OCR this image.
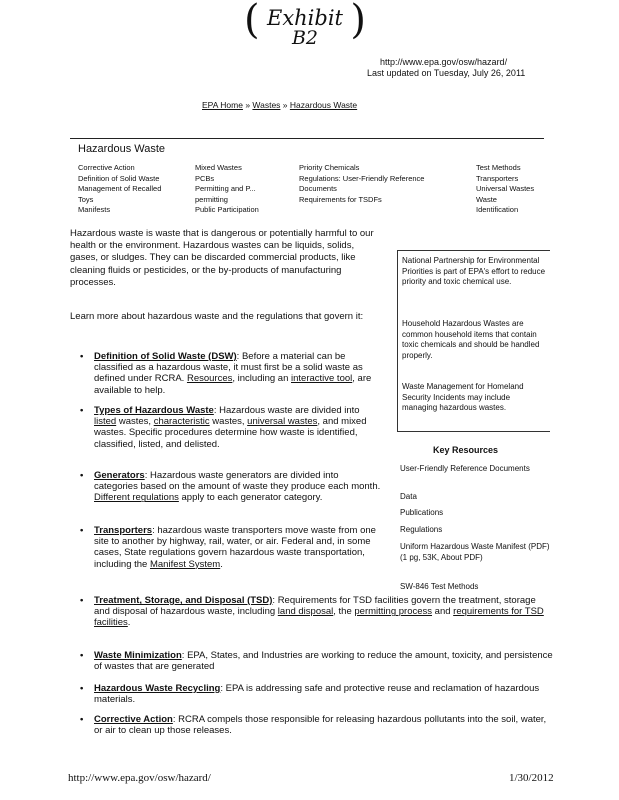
( Exhibit
B2 )
http://www.epa.gov/osw/hazard/
Last updated on Tuesday, July 26, 2011
EPA Home » Wastes » Hazardous Waste
Hazardous Waste
Corrective Action
Definition of Solid Waste
Management of Recalled
Toys
Manifests
Mixed Wastes
PCBs
Permitting and P...
permitting
Public Participation
Priority Chemicals
Regulations: User-Friendly Reference
Documents
Requirements for TSDFs
Test Methods
Transporters
Universal Wastes
Waste
Identification
Hazardous waste is waste that is dangerous or potentially harmful to our health or the environment. Hazardous wastes can be liquids, solids, gases, or sludges. They can be discarded commercial products, like cleaning fluids or pesticides, or the by-products of manufacturing processes.
Learn more about hazardous waste and the regulations that govern it:
• Definition of Solid Waste (DSW): Before a material can be classified as a hazardous waste, it must first be a solid waste as defined under RCRA. Resources, including an interactive tool, are available to help.
• Types of Hazardous Waste: Hazardous waste are divided into listed wastes, characteristic wastes, universal wastes, and mixed wastes. Specific procedures determine how waste is identified, classified, listed, and delisted.
• Generators: Hazardous waste generators are divided into categories based on the amount of waste they produce each month. Different regulations apply to each generator category.
• Transporters: hazardous waste transporters move waste from one site to another by highway, rail, water, or air. Federal and, in some cases, State regulations govern hazardous waste transportation, including the Manifest System.
• Treatment, Storage, and Disposal (TSD): Requirements for TSD facilities govern the treatment, storage and disposal of hazardous waste, including land disposal, the permitting process and requirements for TSD facilities.
• Waste Minimization: EPA, States, and Industries are working to reduce the amount, toxicity, and persistence of wastes that are generated
• Hazardous Waste Recycling: EPA is addressing safe and protective reuse and reclamation of hazardous materials.
• Corrective Action: RCRA compels those responsible for releasing hazardous pollutants into the soil, water, or air to clean up those releases.
National Partnership for Environmental Priorities is part of EPA's effort to reduce priority and toxic chemical use.
Household Hazardous Wastes are common household items that contain toxic chemicals and should be handled properly.
Waste Management for Homeland Security Incidents may include managing hazardous wastes.
Key Resources
User-Friendly Reference Documents
Data
Publications
Regulations
Uniform Hazardous Waste Manifest (PDF) (1 pg, 53K, About PDF)
SW-846 Test Methods
http://www.epa.gov/osw/hazard/	1/30/2012
